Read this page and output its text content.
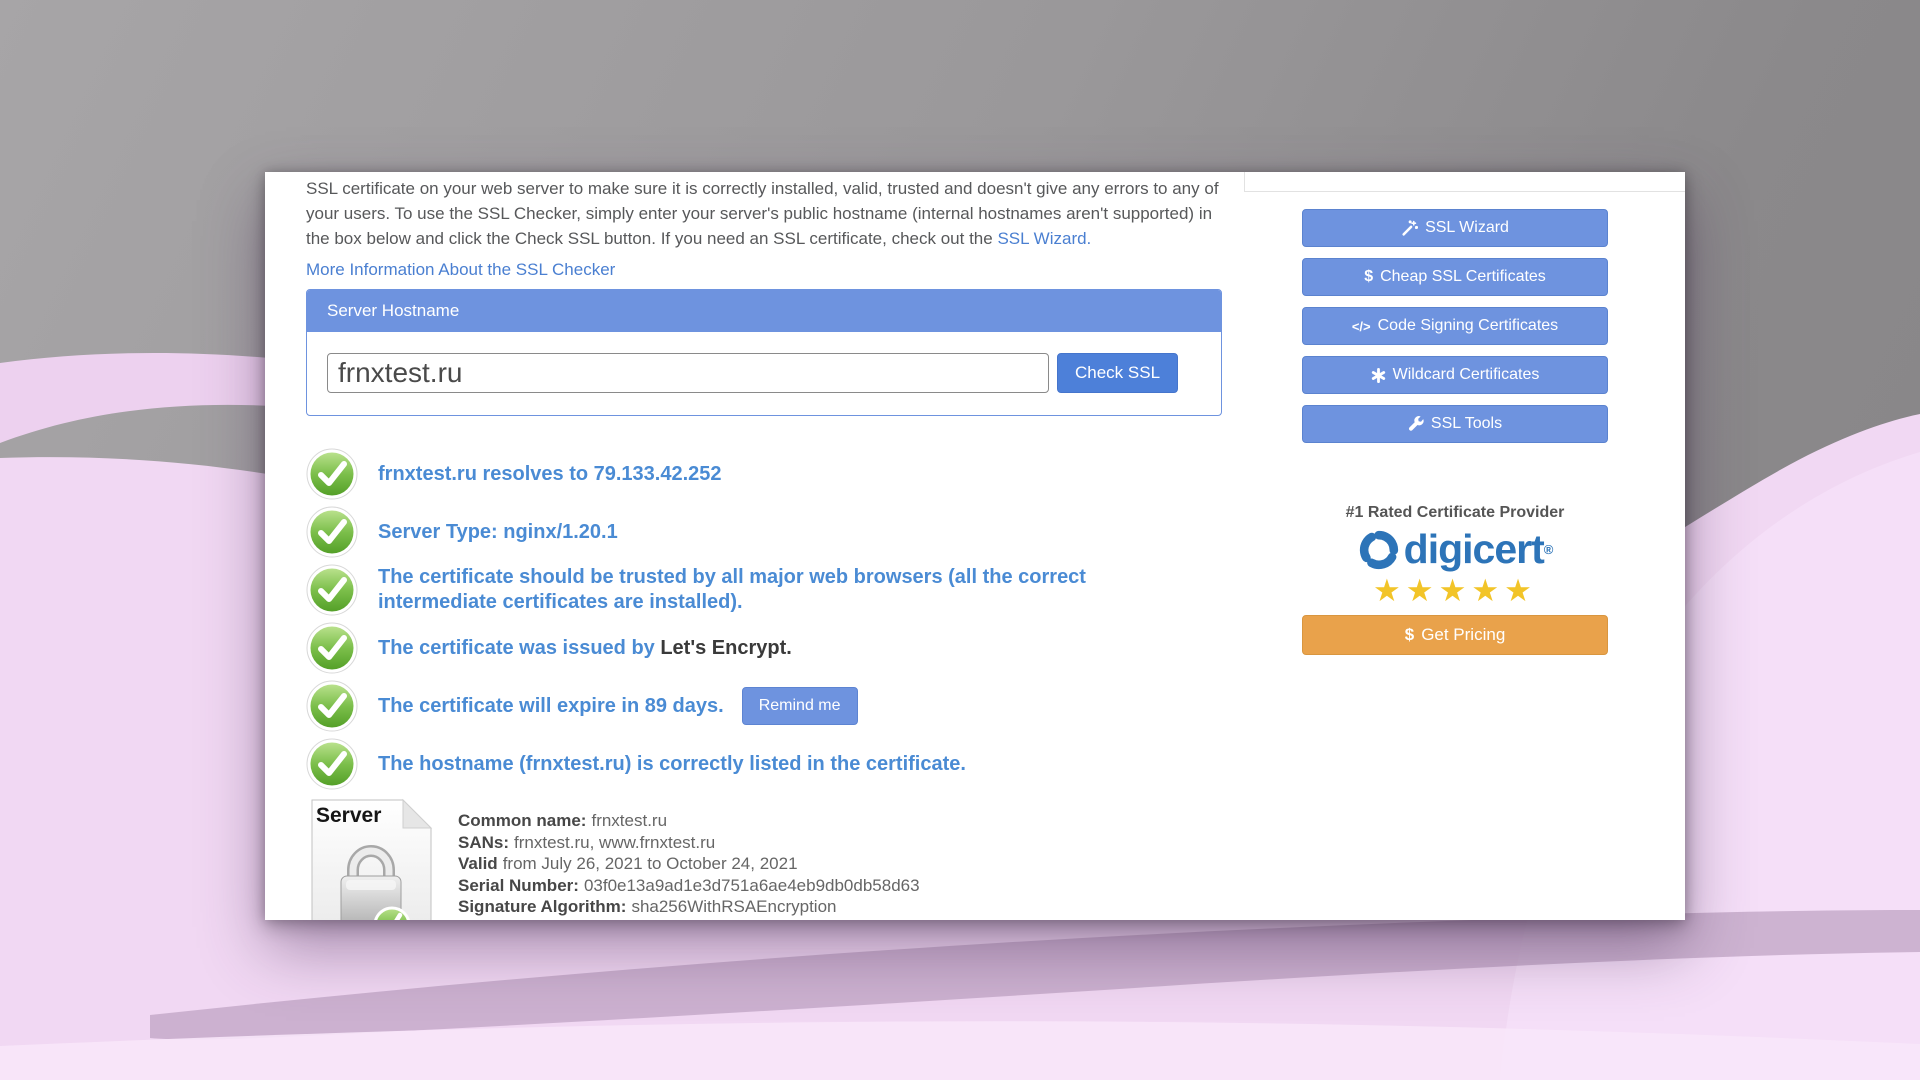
SSL certificate on your web server to make sure it is correctly installed, valid, trusted and doesn't give any errors to any of your users. To use the SSL Checker, simply enter your server's public hostname (internal hostnames aren't supported) in the box below and click the Check SSL button. If you need an SSL certificate, check out the SSL Wizard.

More Information About the SSL Checker
Server Hostname
frnxtest.ru
Check SSL
frnxtest.ru resolves to 79.133.42.252
Server Type: nginx/1.20.1
The certificate should be trusted by all major web browsers (all the correct intermediate certificates are installed).
The certificate was issued by Let's Encrypt.
The certificate will expire in 89 days.	Remind me
The hostname (frnxtest.ru) is correctly listed in the certificate.
Server	Common name: frnxtest.ru
SANs: frnxtest.ru, www.frnxtest.ru
Valid from July 26, 2021 to October 24, 2021
Serial Number: 03f0e13a9ad1e3d751a6ae4eb9db0db58d63
Signature Algorithm: sha256WithRSAEncryption
SSL Wizard
$ Cheap SSL Certificates
</> Code Signing Certificates
Wildcard Certificates
SSL Tools
#1 Rated Certificate Provider
digicert ®
★★★★★
$ Get Pricing
